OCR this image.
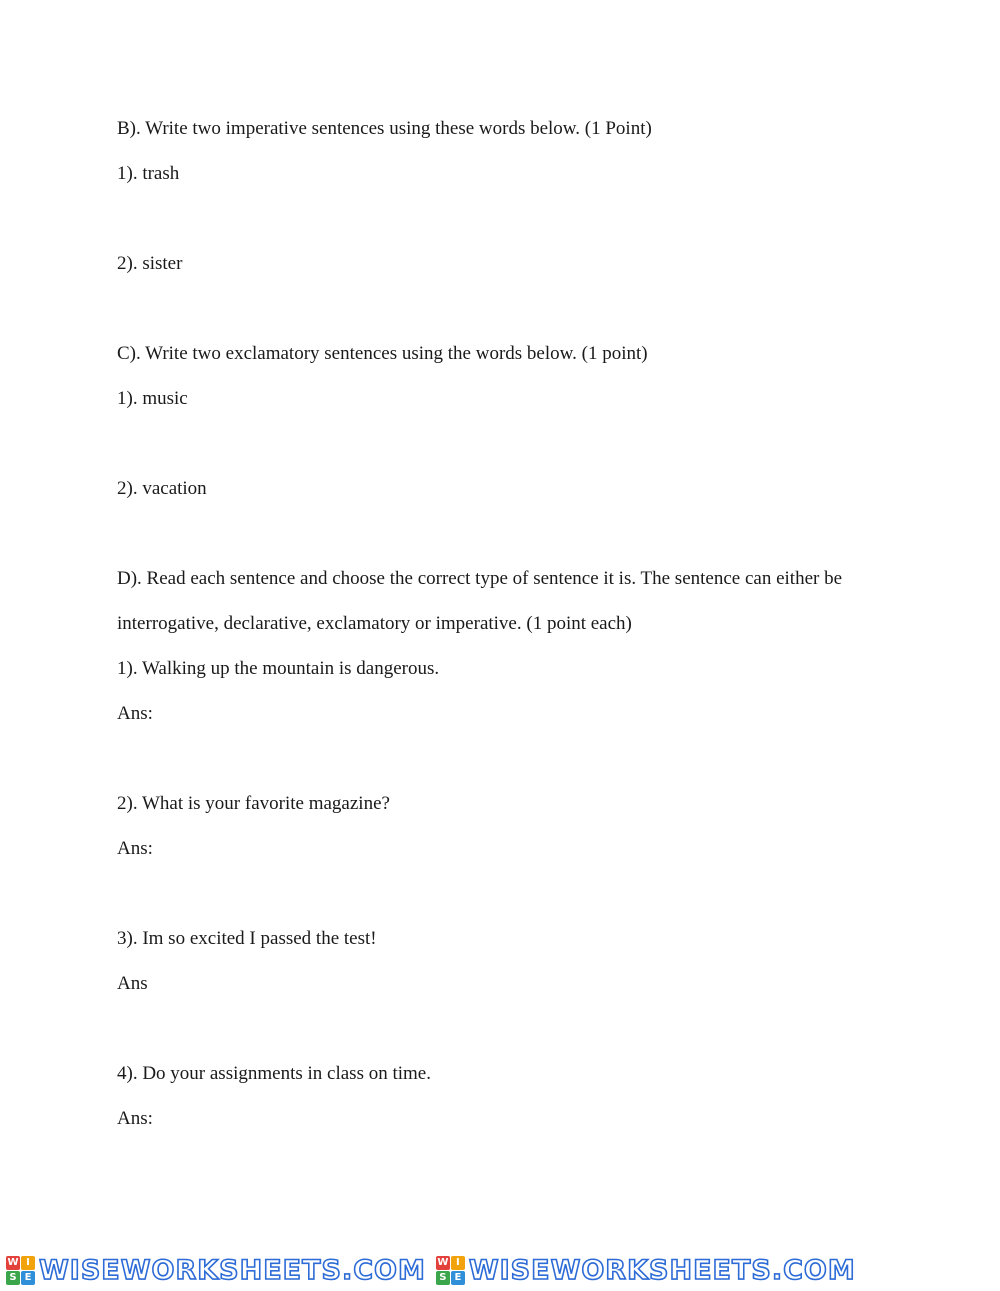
B). Write two imperative sentences using these words below. (1 Point)
1). trash
2). sister
C). Write two exclamatory sentences using the words below. (1 point)
1). music
2). vacation
D). Read each sentence and choose the correct type of sentence it is. The sentence can either be
interrogative, declarative, exclamatory or imperative. (1 point each)
1). Walking up the mountain is dangerous.
Ans:
2). What is your favorite magazine?
Ans:
3). Im so excited I passed the test!
Ans
4). Do your assignments in class on time.
Ans:
W I
S E WISEWORKSHEETS.COM W I
S E WISEWORKSHEETS.COM
